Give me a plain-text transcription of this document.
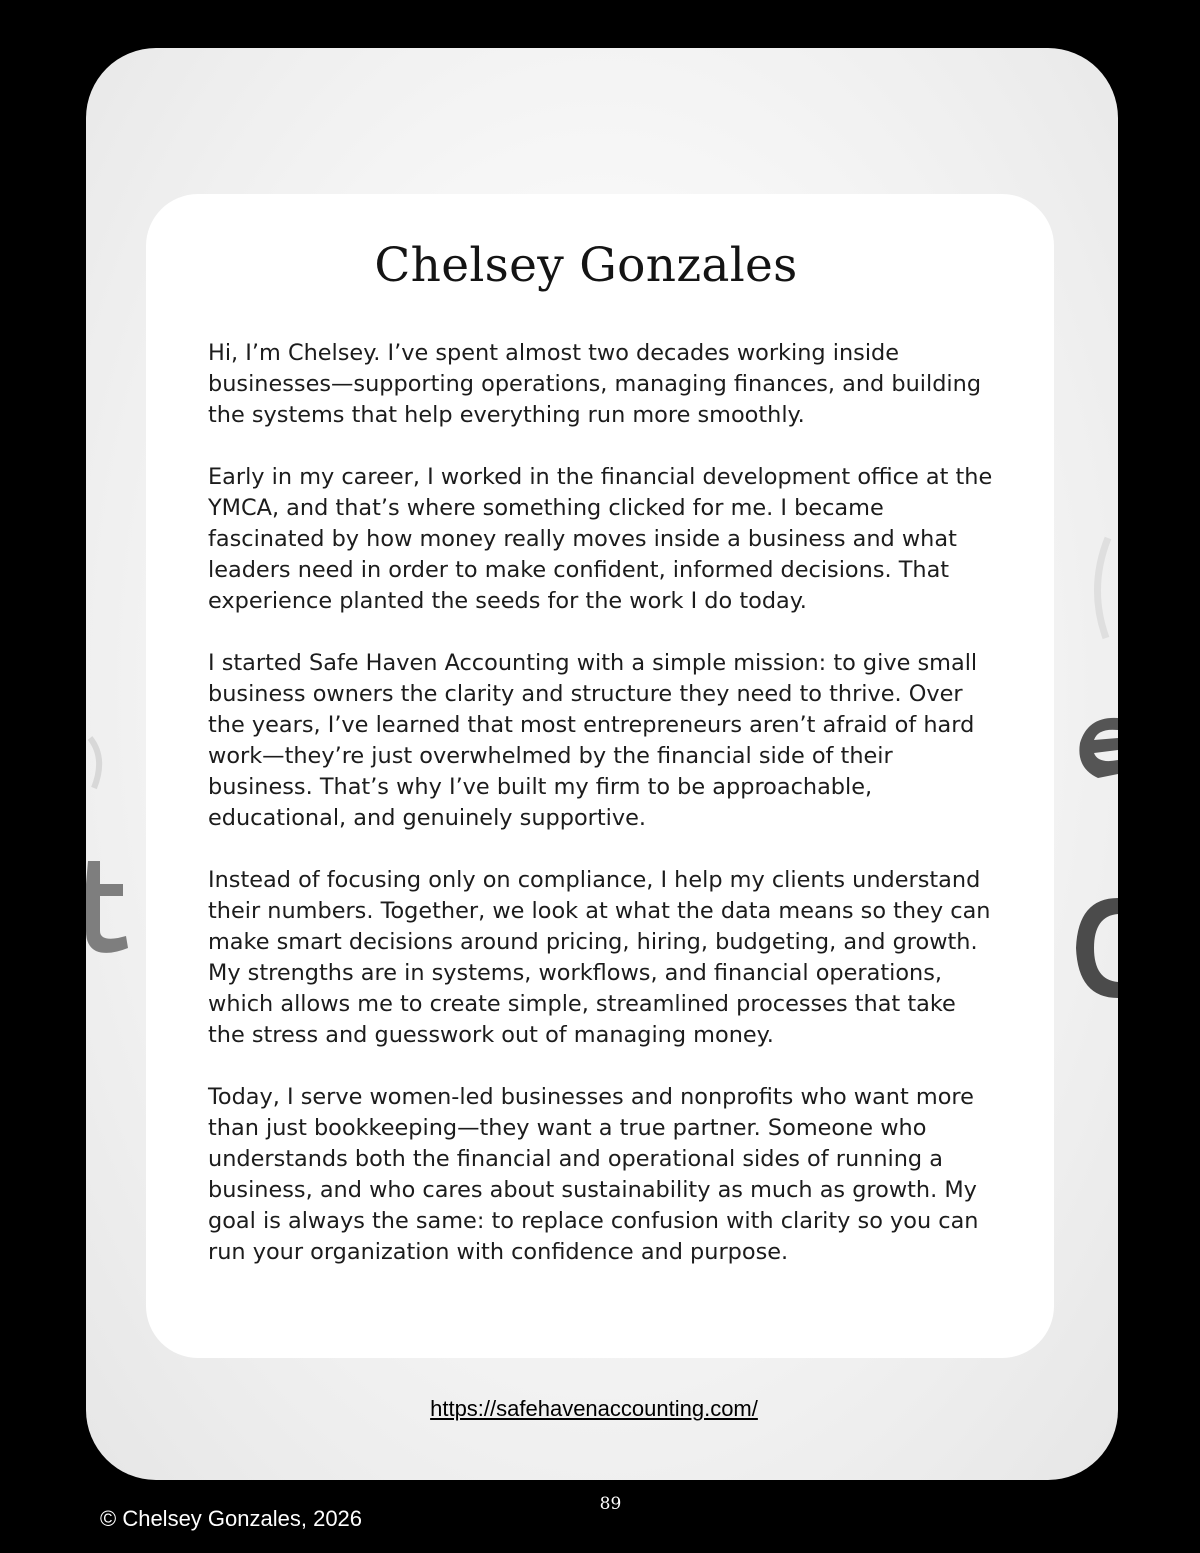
Chelsey Gonzales

Hi, I’m Chelsey. I’ve spent almost two decades working inside businesses—supporting operations, managing finances, and building the systems that help everything run more smoothly.

Early in my career, I worked in the financial development office at the YMCA, and that’s where something clicked for me. I became fascinated by how money really moves inside a business and what leaders need in order to make confident, informed decisions. That experience planted the seeds for the work I do today.

I started Safe Haven Accounting with a simple mission: to give small business owners the clarity and structure they need to thrive. Over the years, I’ve learned that most entrepreneurs aren’t afraid of hard work—they’re just overwhelmed by the financial side of their business. That’s why I’ve built my firm to be approachable, educational, and genuinely supportive.

Instead of focusing only on compliance, I help my clients understand their numbers. Together, we look at what the data means so they can make smart decisions around pricing, hiring, budgeting, and growth. My strengths are in systems, workflows, and financial operations, which allows me to create simple, streamlined processes that take the stress and guesswork out of managing money.

Today, I serve women-led businesses and nonprofits who want more than just bookkeeping—they want a true partner. Someone who understands both the financial and operational sides of running a business, and who cares about sustainability as much as growth. My goal is always the same: to replace confusion with clarity so you can run your organization with confidence and purpose.

https://safehavenaccounting.com/
89
© Chelsey Gonzales, 2026
